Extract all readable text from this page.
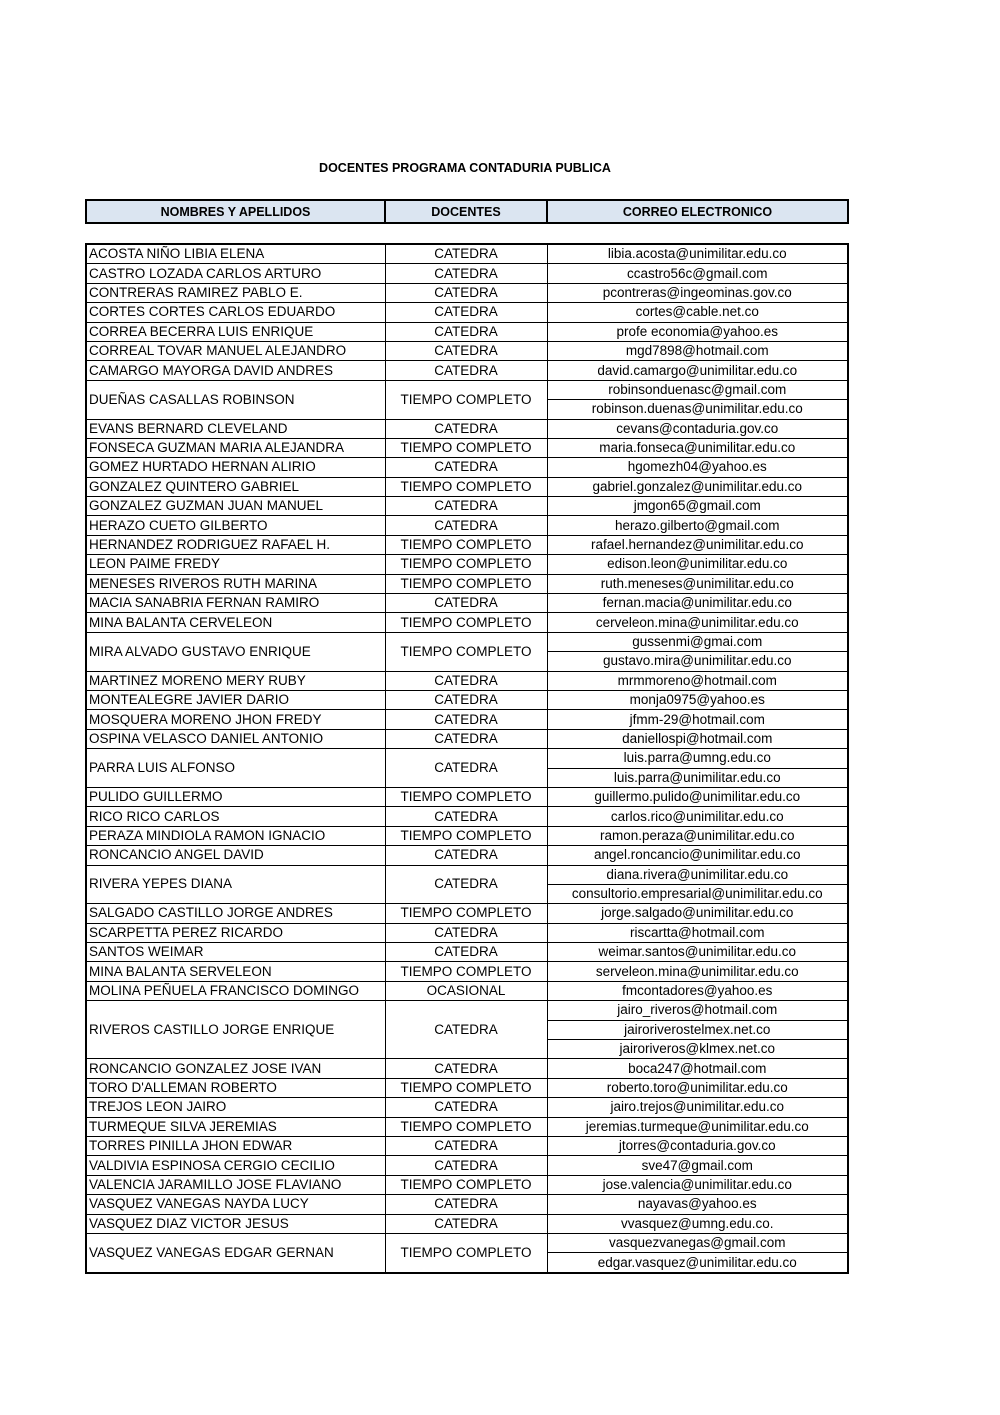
DOCENTES PROGRAMA CONTADURIA PUBLICA
NOMBRES Y APELLIDOS	DOCENTES	CORREO ELECTRONICO
ACOSTA NIÑO LIBIA ELENA	CATEDRA	libia.acosta@unimilitar.edu.co
CASTRO LOZADA CARLOS ARTURO	CATEDRA	ccastro56c@gmail.com
CONTRERAS RAMIREZ PABLO E.	CATEDRA	pcontreras@ingeominas.gov.co
CORTES CORTES CARLOS EDUARDO	CATEDRA	cortes@cable.net.co
CORREA BECERRA LUIS ENRIQUE	CATEDRA	profe economia@yahoo.es
CORREAL TOVAR MANUEL ALEJANDRO	CATEDRA	mgd7898@hotmail.com
CAMARGO MAYORGA DAVID ANDRES	CATEDRA	david.camargo@unimilitar.edu.co
DUEÑAS CASALLAS ROBINSON	TIEMPO COMPLETO	robinsonduenasc@gmail.com
		robinson.duenas@unimilitar.edu.co
EVANS BERNARD CLEVELAND	CATEDRA	cevans@contaduria.gov.co
FONSECA GUZMAN MARIA ALEJANDRA	TIEMPO COMPLETO	maria.fonseca@unimilitar.edu.co
GOMEZ HURTADO HERNAN ALIRIO	CATEDRA	hgomezh04@yahoo.es
GONZALEZ QUINTERO GABRIEL	TIEMPO COMPLETO	gabriel.gonzalez@unimilitar.edu.co
GONZALEZ GUZMAN JUAN MANUEL	CATEDRA	jmgon65@gmail.com
HERAZO CUETO GILBERTO	CATEDRA	herazo.gilberto@gmail.com
HERNANDEZ RODRIGUEZ RAFAEL H.	TIEMPO COMPLETO	rafael.hernandez@unimilitar.edu.co
LEON PAIME FREDY	TIEMPO COMPLETO	edison.leon@unimilitar.edu.co
MENESES RIVEROS RUTH MARINA	TIEMPO COMPLETO	ruth.meneses@unimilitar.edu.co
MACIA SANABRIA FERNAN RAMIRO	CATEDRA	fernan.macia@unimilitar.edu.co
MINA BALANTA CERVELEON	TIEMPO COMPLETO	cerveleon.mina@unimilitar.edu.co
MIRA ALVADO GUSTAVO ENRIQUE	TIEMPO COMPLETO	gussenmi@gmai.com
		gustavo.mira@unimilitar.edu.co
MARTINEZ MORENO MERY RUBY	CATEDRA	mrmmoreno@hotmail.com
MONTEALEGRE JAVIER DARIO	CATEDRA	monja0975@yahoo.es
MOSQUERA MORENO JHON FREDY	CATEDRA	jfmm-29@hotmail.com
OSPINA VELASCO DANIEL ANTONIO	CATEDRA	daniellospi@hotmail.com
PARRA LUIS ALFONSO	CATEDRA	luis.parra@umng.edu.co
		luis.parra@unimilitar.edu.co
PULIDO GUILLERMO	TIEMPO COMPLETO	guillermo.pulido@unimilitar.edu.co
RICO RICO CARLOS	CATEDRA	carlos.rico@unimilitar.edu.co
PERAZA MINDIOLA RAMON IGNACIO	TIEMPO COMPLETO	ramon.peraza@unimilitar.edu.co
RONCANCIO ANGEL DAVID	CATEDRA	angel.roncancio@unimilitar.edu.co
RIVERA YEPES DIANA	CATEDRA	diana.rivera@unimilitar.edu.co
		consultorio.empresarial@unimilitar.edu.co
SALGADO CASTILLO JORGE ANDRES	TIEMPO COMPLETO	jorge.salgado@unimilitar.edu.co
SCARPETTA PEREZ RICARDO	CATEDRA	riscartta@hotmail.com
SANTOS WEIMAR	CATEDRA	weimar.santos@unimilitar.edu.co
MINA BALANTA SERVELEON	TIEMPO COMPLETO	serveleon.mina@unimilitar.edu.co
MOLINA PEÑUELA FRANCISCO DOMINGO	OCASIONAL	fmcontadores@yahoo.es
RIVEROS CASTILLO JORGE ENRIQUE	CATEDRA	jairo_riveros@hotmail.com
		jairoriverostelmex.net.co
		jairoriveros@klmex.net.co
RONCANCIO GONZALEZ JOSE IVAN	CATEDRA	boca247@hotmail.com
TORO D'ALLEMAN ROBERTO	TIEMPO COMPLETO	roberto.toro@unimilitar.edu.co
TREJOS LEON JAIRO	CATEDRA	jairo.trejos@unimilitar.edu.co
TURMEQUE SILVA JEREMIAS	TIEMPO COMPLETO	jeremias.turmeque@unimilitar.edu.co
TORRES PINILLA JHON EDWAR	CATEDRA	jtorres@contaduria.gov.co
VALDIVIA ESPINOSA CERGIO CECILIO	CATEDRA	sve47@gmail.com
VALENCIA JARAMILLO JOSE FLAVIANO	TIEMPO COMPLETO	jose.valencia@unimilitar.edu.co
VASQUEZ VANEGAS NAYDA LUCY	CATEDRA	nayavas@yahoo.es
VASQUEZ DIAZ VICTOR JESUS	CATEDRA	vvasquez@umng.edu.co.
VASQUEZ VANEGAS EDGAR GERNAN	TIEMPO COMPLETO	vasquezvanegas@gmail.com
		edgar.vasquez@unimilitar.edu.co
